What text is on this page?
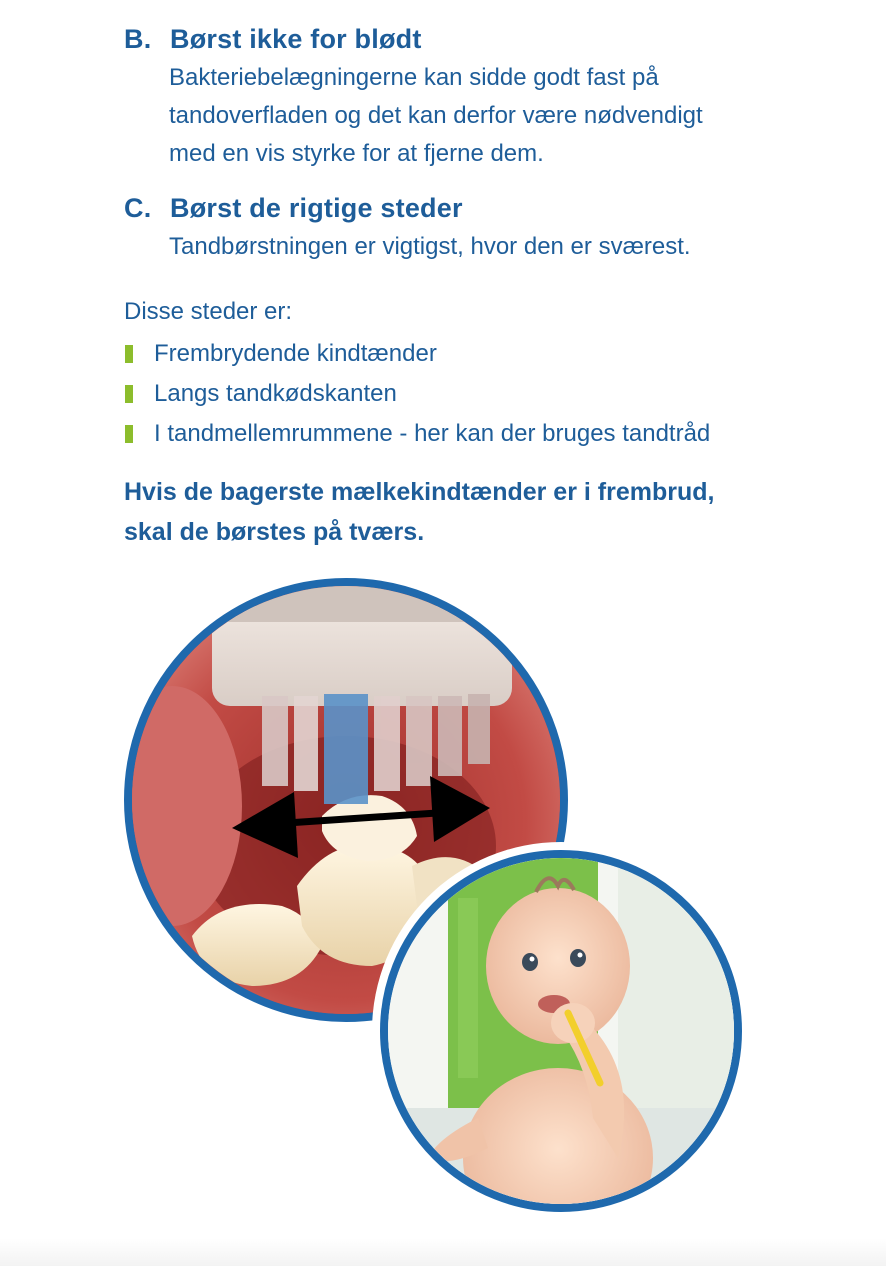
B. Børst ikke for blødt
Bakteriebelægningerne kan sidde godt fast på
tandoverfladen og det kan derfor være nødvendigt
med en vis styrke for at fjerne dem.
C. Børst de rigtige steder
Tandbørstningen er vigtigst, hvor den er sværest.
Disse steder er:
Frembrydende kindtænder
Langs tandkødskanten
I tandmellemrummene - her kan der bruges tandtråd
Hvis de bagerste mælkekindtænder er i frembrud,
skal de børstes på tværs.
